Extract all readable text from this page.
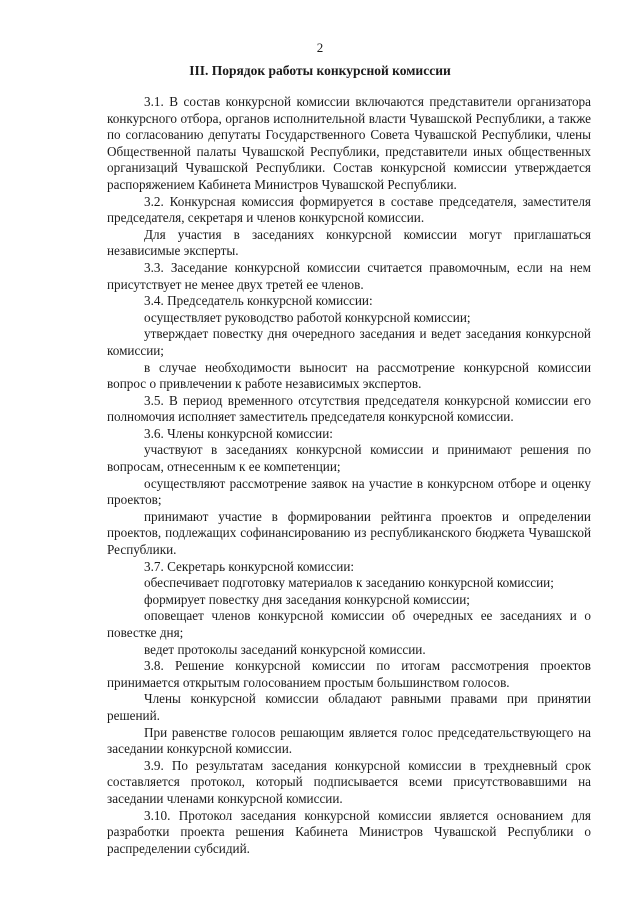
2
III. Порядок работы конкурсной комиссии

3.1. В состав конкурсной комиссии включаются представители организатора конкурсного отбора, органов исполнительной власти Чувашской Республики, а также по согласованию депутаты Государственного Совета Чувашской Республики, члены Общественной палаты Чувашской Республики, представители иных общественных организаций Чувашской Республики. Состав конкурсной комиссии утверждается распоряжением Кабинета Министров Чувашской Республики.

3.2. Конкурсная комиссия формируется в составе председателя, заместителя председателя, секретаря и членов конкурсной комиссии.

Для участия в заседаниях конкурсной комиссии могут приглашаться независимые эксперты.

3.3. Заседание конкурсной комиссии считается правомочным, если на нем присутствует не менее двух третей ее членов.

3.4. Председатель конкурсной комиссии:

осуществляет руководство работой конкурсной комиссии;

утверждает повестку дня очередного заседания и ведет заседания конкурсной комиссии;

в случае необходимости выносит на рассмотрение конкурсной комиссии вопрос о привлечении к работе независимых экспертов.

3.5. В период временного отсутствия председателя конкурсной комиссии его полномочия исполняет заместитель председателя конкурсной комиссии.

3.6. Члены конкурсной комиссии:

участвуют в заседаниях конкурсной комиссии и принимают решения по вопросам, отнесенным к ее компетенции;

осуществляют рассмотрение заявок на участие в конкурсном отборе и оценку проектов;

принимают участие в формировании рейтинга проектов и определении проектов, подлежащих софинансированию из республиканского бюджета Чувашской Республики.

3.7. Секретарь конкурсной комиссии:

обеспечивает подготовку материалов к заседанию конкурсной комиссии;

формирует повестку дня заседания конкурсной комиссии;

оповещает членов конкурсной комиссии об очередных ее заседаниях и о повестке дня;

ведет протоколы заседаний конкурсной комиссии.

3.8. Решение конкурсной комиссии по итогам рассмотрения проектов принимается открытым голосованием простым большинством голосов.

Члены конкурсной комиссии обладают равными правами при принятии решений.

При равенстве голосов решающим является голос председательствующего на заседании конкурсной комиссии.

3.9. По результатам заседания конкурсной комиссии в трехдневный срок составляется протокол, который подписывается всеми присутствовавшими на заседании членами конкурсной комиссии.

3.10. Протокол заседания конкурсной комиссии является основанием для разработки проекта решения Кабинета Министров Чувашской Республики о распределении субсидий.
